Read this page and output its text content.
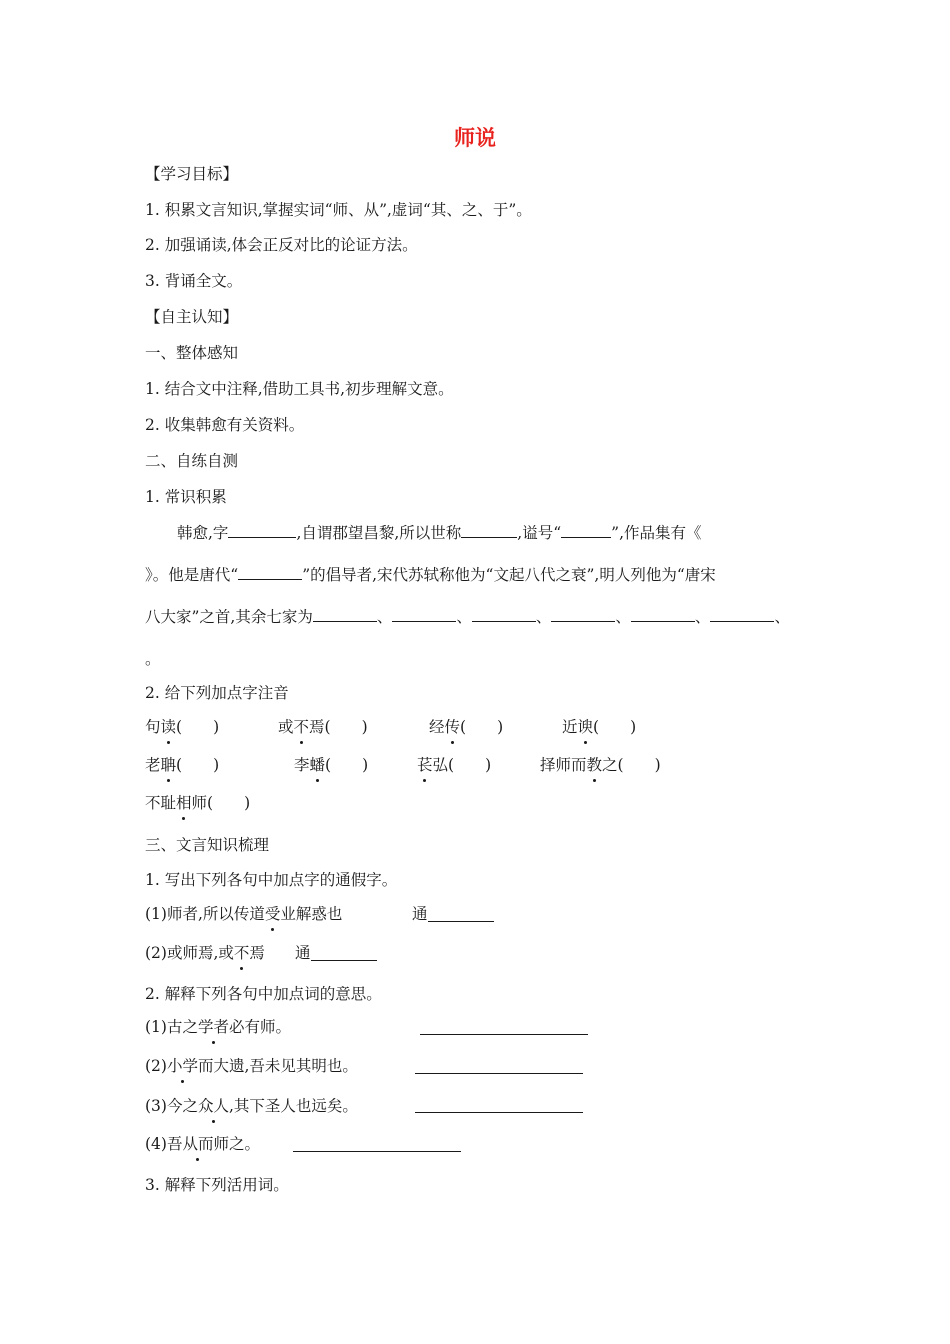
师说
【学习目标】
1. 积累文言知识,掌握实词“师、从”,虚词“其、之、于”。
2. 加强诵读,体会正反对比的论证方法。
3. 背诵全文。
【自主认知】
一、整体感知
1. 结合文中注释,借助工具书,初步理解文意。
2. 收集韩愈有关资料。
二、自练自测
1. 常识积累
韩愈,字	,自谓郡望昌黎,所以世称	,谥号“	”,作品集有《
》。他是唐代“	”的倡导者,宋代苏轼称他为“文起八代之衰”,明人列他为“唐宋
八大家”之首,其余七家为	、	、	、	、	、	、
。
2. 给下列加点字注音
句读(　　)	或不焉(　　)	经传(　　)	近谀(　　)
老聃(　　)	李蟠(　　)	苌弘(　　)	择师而教之(　　)
不耻相师(　　)
三、文言知识梳理
1. 写出下列各句中加点字的通假字。
(1)师者,所以传道受业解惑也	通
(2)或师焉,或不焉 通
2. 解释下列各句中加点词的意思。
(1)古之学者必有师。
(2)小学而大遗,吾未见其明也。
(3)今之众人,其下圣人也远矣。
(4)吾从而师之。
3. 解释下列活用词。
